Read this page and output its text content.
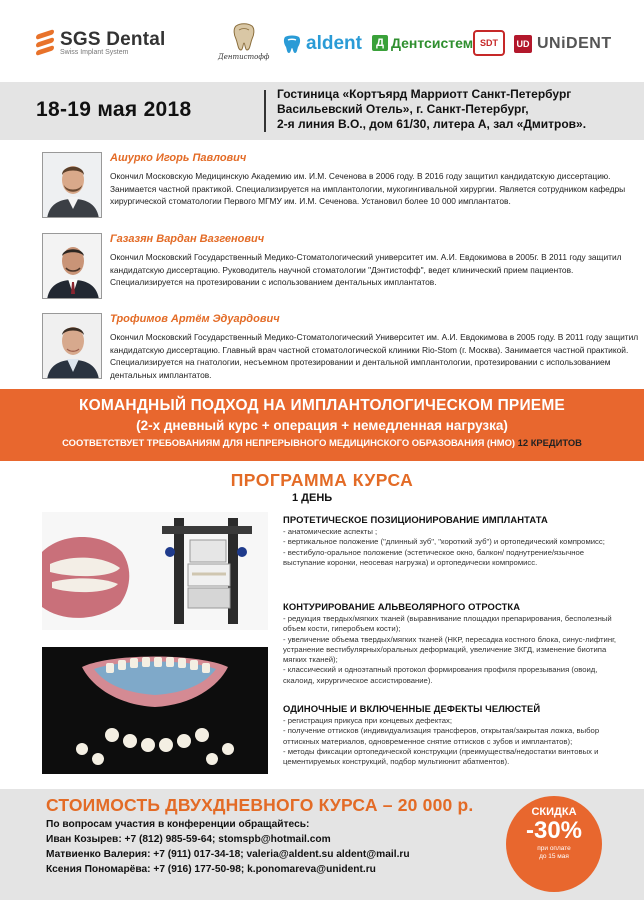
SGS Dental
Swiss Implant System
Дентистофф
aldent	Д Дентсистем SDT	UD UNiDENT
18-19 мая 2018
Гостиница «Кортъярд Марриотт Санкт-Петербург
Васильевский Отель», г. Санкт-Петербург,
2-я линия В.О., дом 61/30, литера А, зал «Дмитров».
Ашурко Игорь Павлович
Окончил Московскую Медицинскую Академию им. И.М. Сеченова в 2006 году. В 2016 году защитил кандидатскую диссертацию. Занимается частной практикой. Специализируется на имплантологии, мукогингивальной хирургии. Является сотрудником кафедры хирургической стоматологии Первого МГМУ им. И.М. Сеченова. Установил более 10 000 имплантатов.
Газазян Вардан Вазгенович
Окончил Московский Государственный Медико-Стоматологический университет им. А.И. Евдокимова в 2005г. В 2011 году защитил кандидатскую диссертацию. Руководитель научной стоматологии "Дэнтистофф", ведет клинический прием пациентов. Специализируется на протезировании с использованием дентальных имплантатов.
Трофимов Артём Эдуардович
Окончил Московский Государственный Медико-Стоматологический Университет им. А.И. Евдокимова в 2005 году. В 2011 году защитил кандидатскую диссертацию. Главный врач частной стоматологической клиники Rio-Stom (г. Москва). Занимается частной практикой. Специализируется на гнатологии, несъемном протезировании и дентальной имплантологии, протезировании с использованием дентальных имплантатов.
КОМАНДНЫЙ ПОДХОД НА ИМПЛАНТОЛОГИЧЕСКОМ ПРИЕМЕ
(2-х дневный курс + операция + немедленная нагрузка)
СООТВЕТСТВУЕТ ТРЕБОВАНИЯМ ДЛЯ НЕПРЕРЫВНОГО МЕДИЦИНСКОГО ОБРАЗОВАНИЯ (НМО) 12 КРЕДИТОВ
ПРОГРАММА КУРСА
1 ДЕНЬ
ПРОТЕТИЧЕСКОЕ ПОЗИЦИОНИРОВАНИЕ ИМПЛАНТАТА
- анатомические аспекты ;
- вертикальное положение ("длинный зуб", "короткий зуб") и ортопедический компромисс;
- вестибуло-оральное положение (эстетическое окно, балкон/ поднутрение/язычное выступание коронки, неосевая нагрузка) и ортопедически компромисс.
КОНТУРИРОВАНИЕ АЛЬВЕОЛЯРНОГО ОТРОСТКА
- редукция твердых/мягких тканей (выравнивание площадки препарирования, бесполезный объем кости, гиперобъем кости);
- увеличение объема твердых/мягких тканей (НКР, пересадка костного блока, синус-лифтинг, устранение вестибулярных/оральных деформаций, увеличение ЗКГД, изменение биотипа мягких тканей);
- классический и одноэтапный протокол формирования профиля прорезывания (овоид, скалоид, хирургическое ассистирование).
ОДИНОЧНЫЕ И ВКЛЮЧЕННЫЕ ДЕФЕКТЫ ЧЕЛЮСТЕЙ
- регистрация прикуса при концевых дефектах;
- получение оттисков (индивидуализация трансферов, открытая/закрытая ложка, выбор оттискных материалов, одновременное снятие оттисков с зубов и имплантатов);
- методы фиксации ортопедической конструкции (преимущества/недостатки винтовых и цементируемых конструкций, подбор мультиюнит абатментов).
СТОИМОСТЬ ДВУХДНЕВНОГО КУРСА – 20 000 р.
По вопросам участия в конференции обращайтесь:
Иван Козырев: +7 (812) 985-59-64; stomspb@hotmail.com
Матвиенко Валерия: +7 (911) 017-34-18; valeria@aldent.su aldent@mail.ru
Ксения Пономарёва: +7 (916) 177-50-98; k.ponomareva@unident.ru
СКИДКА
-30%
при оплате
до 15 мая
